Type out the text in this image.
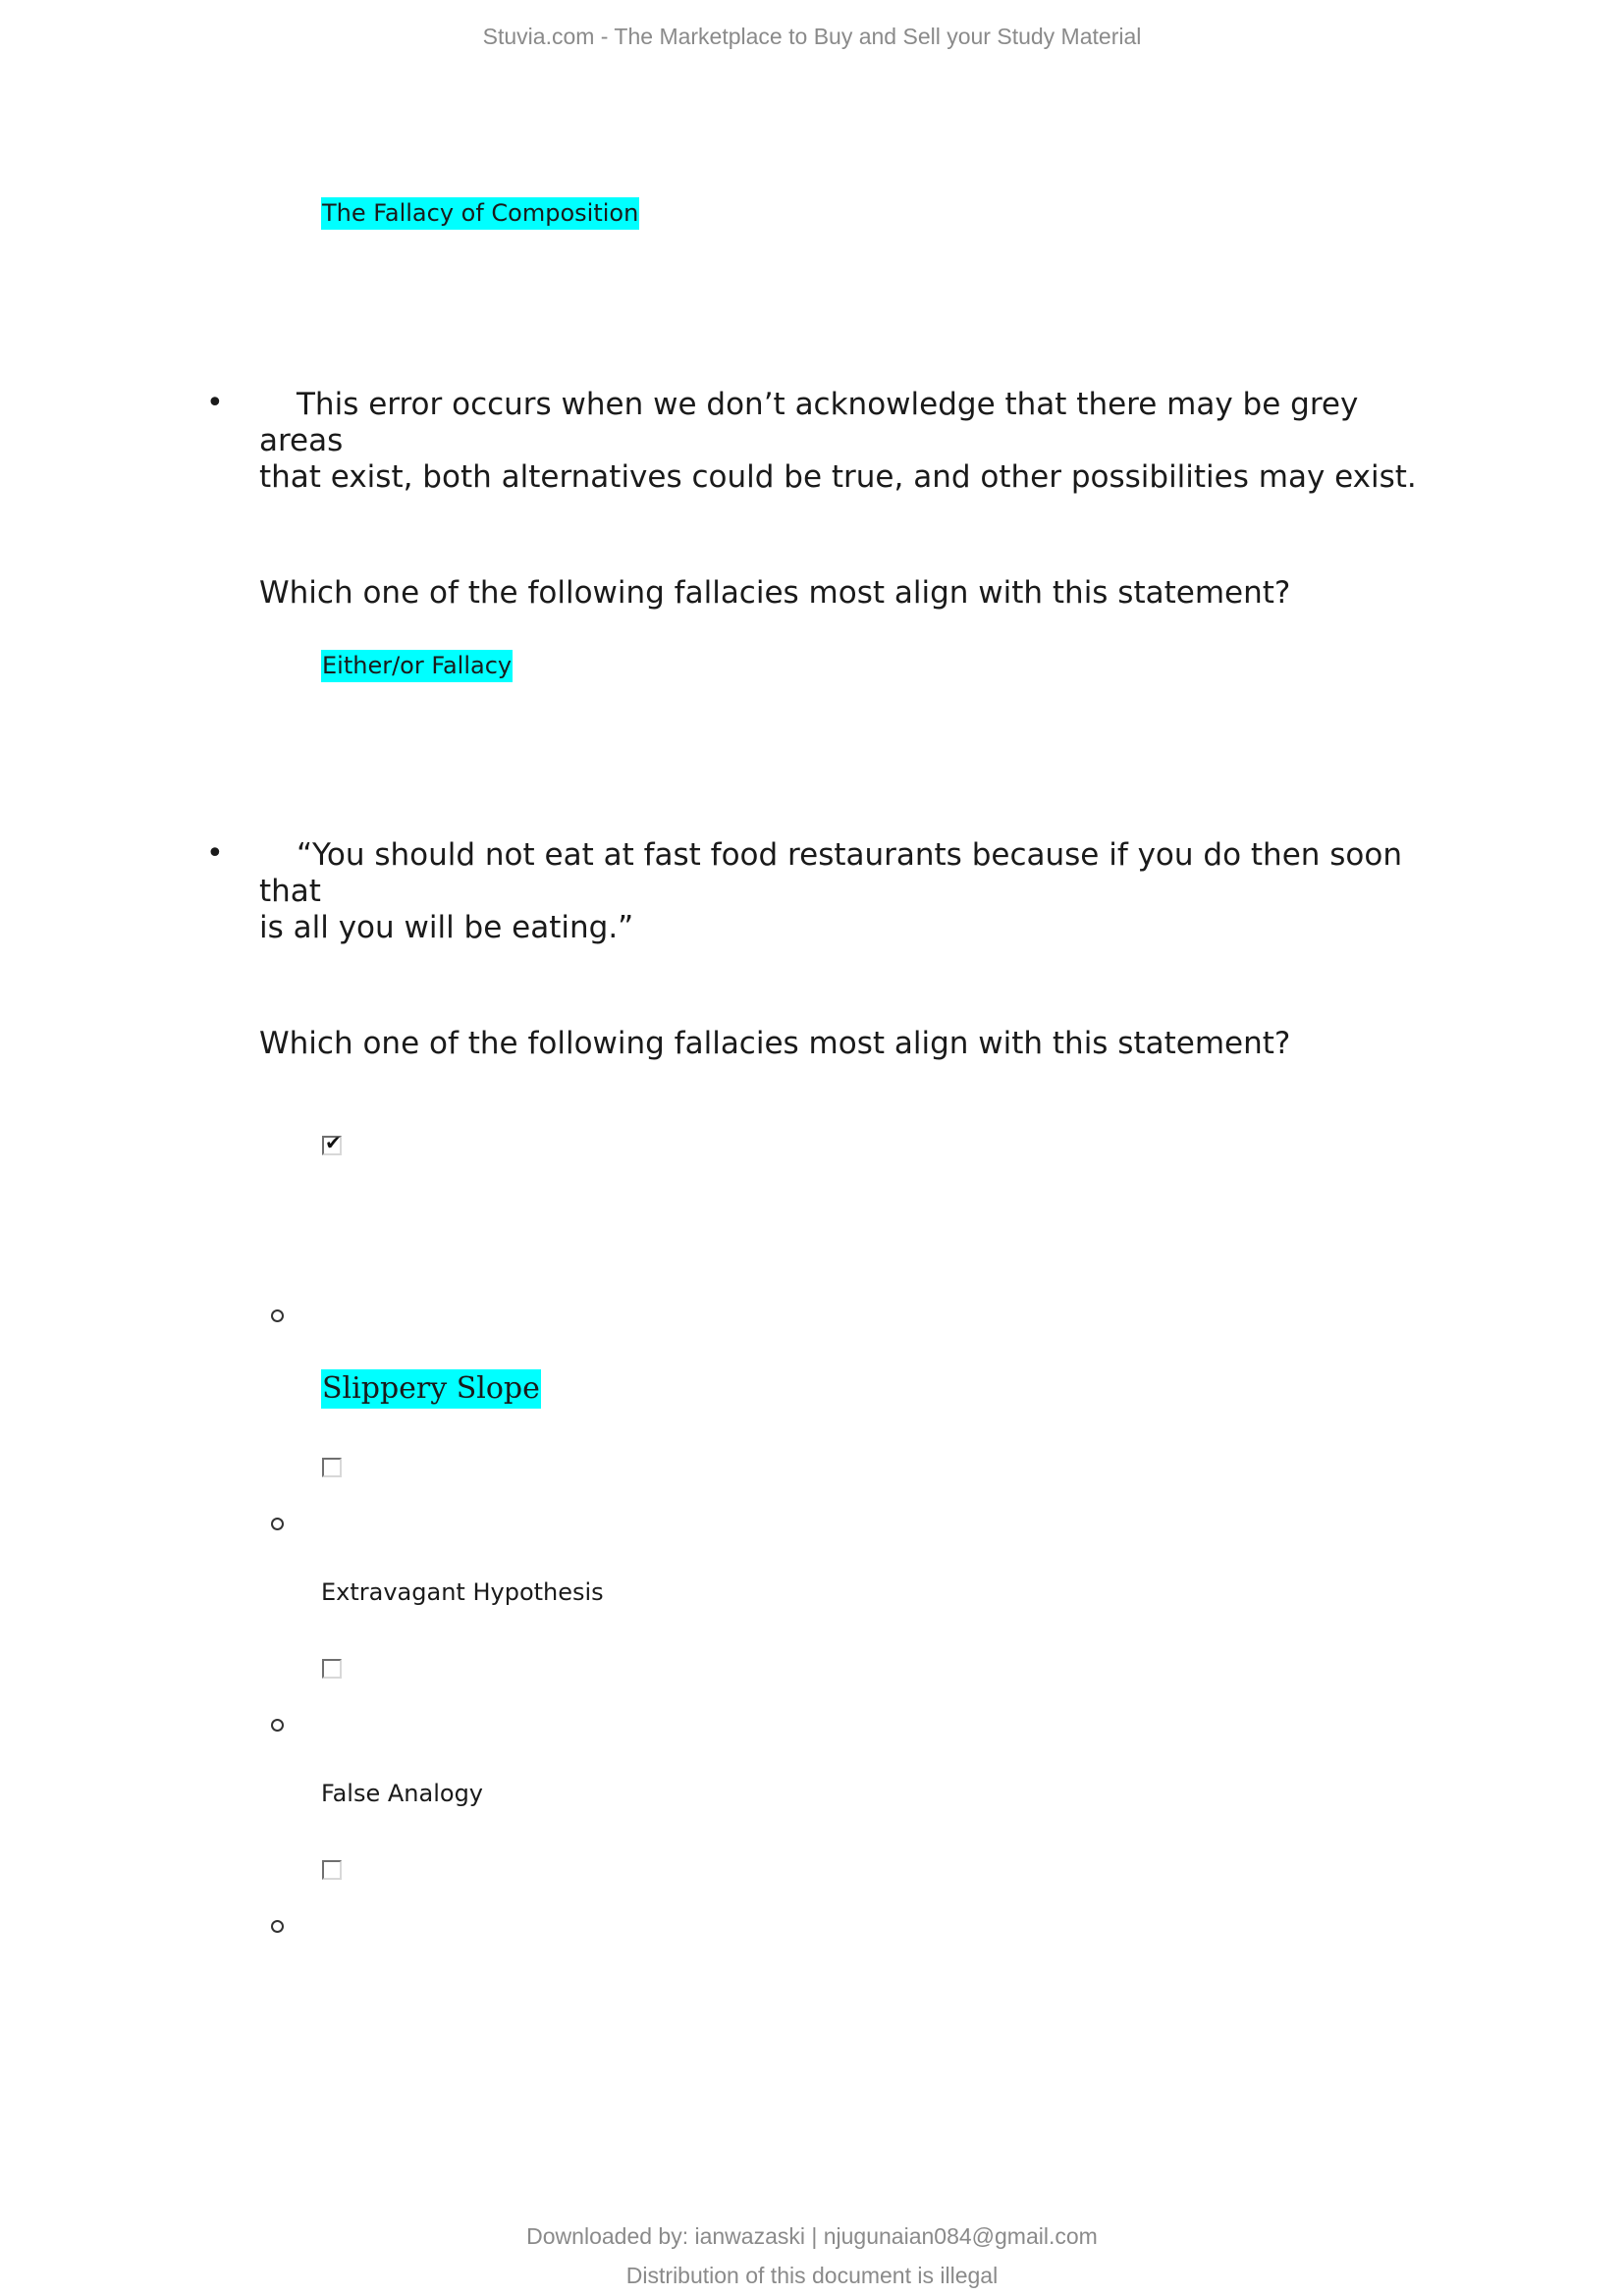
Stuvia.com - The Marketplace to Buy and Sell your Study Material
The Fallacy of Composition
•	This error occurs when we don’t acknowledge that there may be grey areas
that exist, both alternatives could be true, and other possibilities may exist.
Which one of the following fallacies most align with this statement?
Either/or Fallacy
•	“You should not eat at fast food restaurants because if you do then soon that
is all you will be eating.”
Which one of the following fallacies most align with this statement?
✔
Slippery Slope
Extravagant Hypothesis
False Analogy
Downloaded by: ianwazaski | njugunaian084@gmail.com
Distribution of this document is illegal
